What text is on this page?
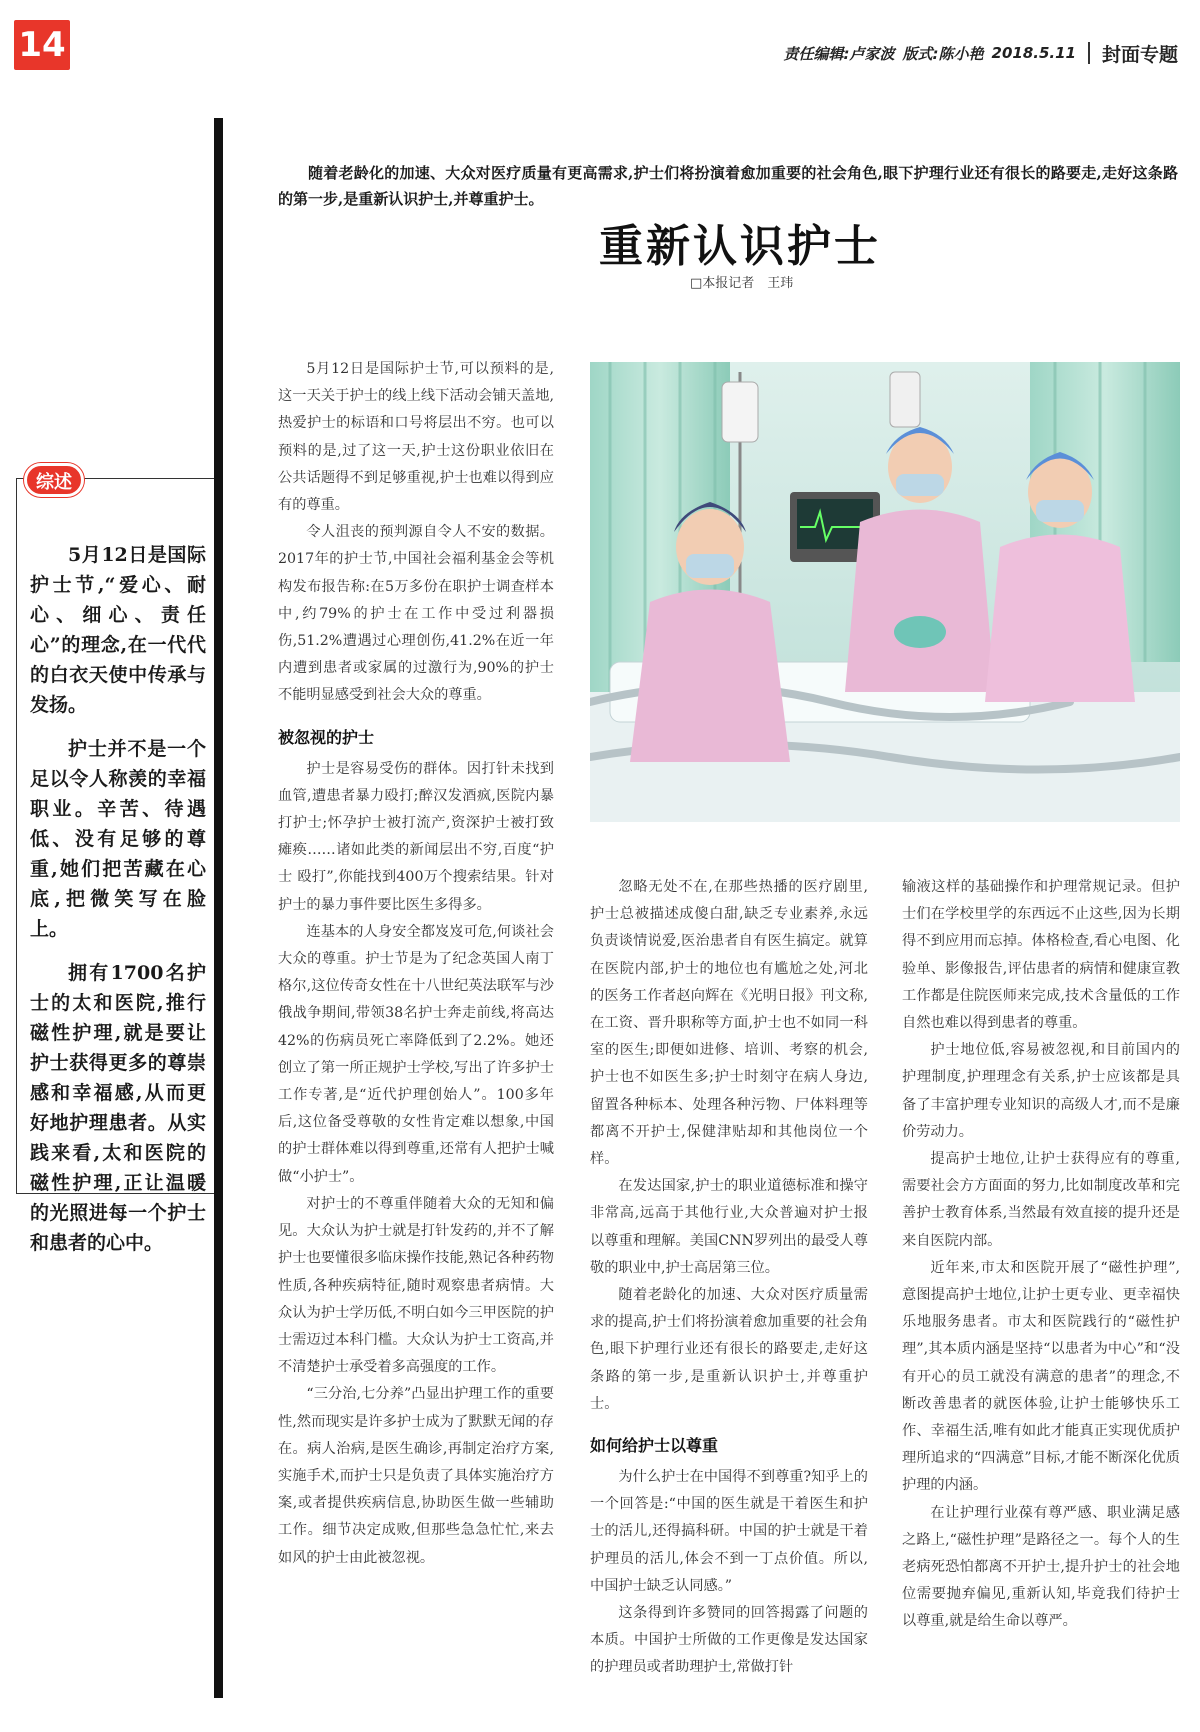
14	责任编辑:卢家波 版式:陈小艳 2018.5.11 封面专题
综述

5月12日是国际护士节,“爱心、耐心、细心、责任心”的理念,在一代代的白衣天使中传承与发扬。

护士并不是一个足以令人称羡的幸福职业。辛苦、待遇低、没有足够的尊重,她们把苦藏在心底,把微笑写在脸上。

拥有1700名护士的太和医院,推行磁性护理,就是要让护士获得更多的尊崇感和幸福感,从而更好地护理患者。从实践来看,太和医院的磁性护理,正让温暖的光照进每一个护士和患者的心中。

随着老龄化的加速、大众对医疗质量有更高需求,护士们将扮演着愈加重要的社会角色,眼下护理行业还有很长的路要走,走好这条路的第一步,是重新认识护士,并尊重护士。

重新认识护士
□本报记者　王玮

5月12日是国际护士节,可以预料的是,这一天关于护士的线上线下活动会铺天盖地,热爱护士的标语和口号将层出不穷。也可以预料的是,过了这一天,护士这份职业依旧在公共话题得不到足够重视,护士也难以得到应有的尊重。

令人沮丧的预判源自令人不安的数据。2017年的护士节,中国社会福利基金会等机构发布报告称:在5万多份在职护士调查样本中,约79%的护士在工作中受过利器损伤,51.2%遭遇过心理创伤,41.2%在近一年内遭到患者或家属的过激行为,90%的护士不能明显感受到社会大众的尊重。

被忽视的护士

护士是容易受伤的群体。因打针未找到血管,遭患者暴力殴打;醉汉发酒疯,医院内暴打护士;怀孕护士被打流产,资深护士被打致瘫痪……诸如此类的新闻层出不穷,百度“护士 殴打”,你能找到400万个搜索结果。针对护士的暴力事件要比医生多得多。

连基本的人身安全都岌岌可危,何谈社会大众的尊重。护士节是为了纪念英国人南丁格尔,这位传奇女性在十八世纪英法联军与沙俄战争期间,带领38名护士奔走前线,将高达42%的伤病员死亡率降低到了2.2%。她还创立了第一所正规护士学校,写出了许多护士工作专著,是“近代护理创始人”。100多年后,这位备受尊敬的女性肯定难以想象,中国的护士群体难以得到尊重,还常有人把护士喊做“小护士”。

对护士的不尊重伴随着大众的无知和偏见。大众认为护士就是打针发药的,并不了解护士也要懂很多临床操作技能,熟记各种药物性质,各种疾病特征,随时观察患者病情。大众认为护士学历低,不明白如今三甲医院的护士需迈过本科门槛。大众认为护士工资高,并不清楚护士承受着多高强度的工作。

“三分治,七分养”凸显出护理工作的重要性,然而现实是许多护士成为了默默无闻的存在。病人治病,是医生确诊,再制定治疗方案,实施手术,而护士只是负责了具体实施治疗方案,或者提供疾病信息,协助医生做一些辅助工作。细节决定成败,但那些急急忙忙,来去如风的护士由此被忽视。

忽略无处不在,在那些热播的医疗剧里,护士总被描述成傻白甜,缺乏专业素养,永远负责谈情说爱,医治患者自有医生搞定。就算在医院内部,护士的地位也有尴尬之处,河北的医务工作者赵向辉在《光明日报》刊文称,在工资、晋升职称等方面,护士也不如同一科室的医生;即便如进修、培训、考察的机会,护士也不如医生多;护士时刻守在病人身边,留置各种标本、处理各种污物、尸体料理等都离不开护士,保健津贴却和其他岗位一个样。

在发达国家,护士的职业道德标准和操守非常高,远高于其他行业,大众普遍对护士报以尊重和理解。美国CNN罗列出的最受人尊敬的职业中,护士高居第三位。

随着老龄化的加速、大众对医疗质量需求的提高,护士们将扮演着愈加重要的社会角色,眼下护理行业还有很长的路要走,走好这条路的第一步,是重新认识护士,并尊重护士。

如何给护士以尊重

为什么护士在中国得不到尊重?知乎上的一个回答是:“中国的医生就是干着医生和护士的活儿,还得搞科研。中国的护士就是干着护理员的活儿,体会不到一丁点价值。所以,中国护士缺乏认同感。”

这条得到许多赞同的回答揭露了问题的本质。中国护士所做的工作更像是发达国家的护理员或者助理护士,常做打针

输液这样的基础操作和护理常规记录。但护士们在学校里学的东西远不止这些,因为长期得不到应用而忘掉。体格检查,看心电图、化验单、影像报告,评估患者的病情和健康宣教工作都是住院医师来完成,技术含量低的工作自然也难以得到患者的尊重。

护士地位低,容易被忽视,和目前国内的护理制度,护理理念有关系,护士应该都是具备了丰富护理专业知识的高级人才,而不是廉价劳动力。

提高护士地位,让护士获得应有的尊重,需要社会方方面面的努力,比如制度改革和完善护士教育体系,当然最有效直接的提升还是来自医院内部。

近年来,市太和医院开展了“磁性护理”,意图提高护士地位,让护士更专业、更幸福快乐地服务患者。市太和医院践行的“磁性护理”,其本质内涵是坚持“以患者为中心”和“没有开心的员工就没有满意的患者”的理念,不断改善患者的就医体验,让护士能够快乐工作、幸福生活,唯有如此才能真正实现优质护理所追求的“四满意”目标,才能不断深化优质护理的内涵。

在让护理行业葆有尊严感、职业满足感之路上,“磁性护理”是路径之一。每个人的生老病死恐怕都离不开护士,提升护士的社会地位需要抛弃偏见,重新认知,毕竟我们待护士以尊重,就是给生命以尊严。
